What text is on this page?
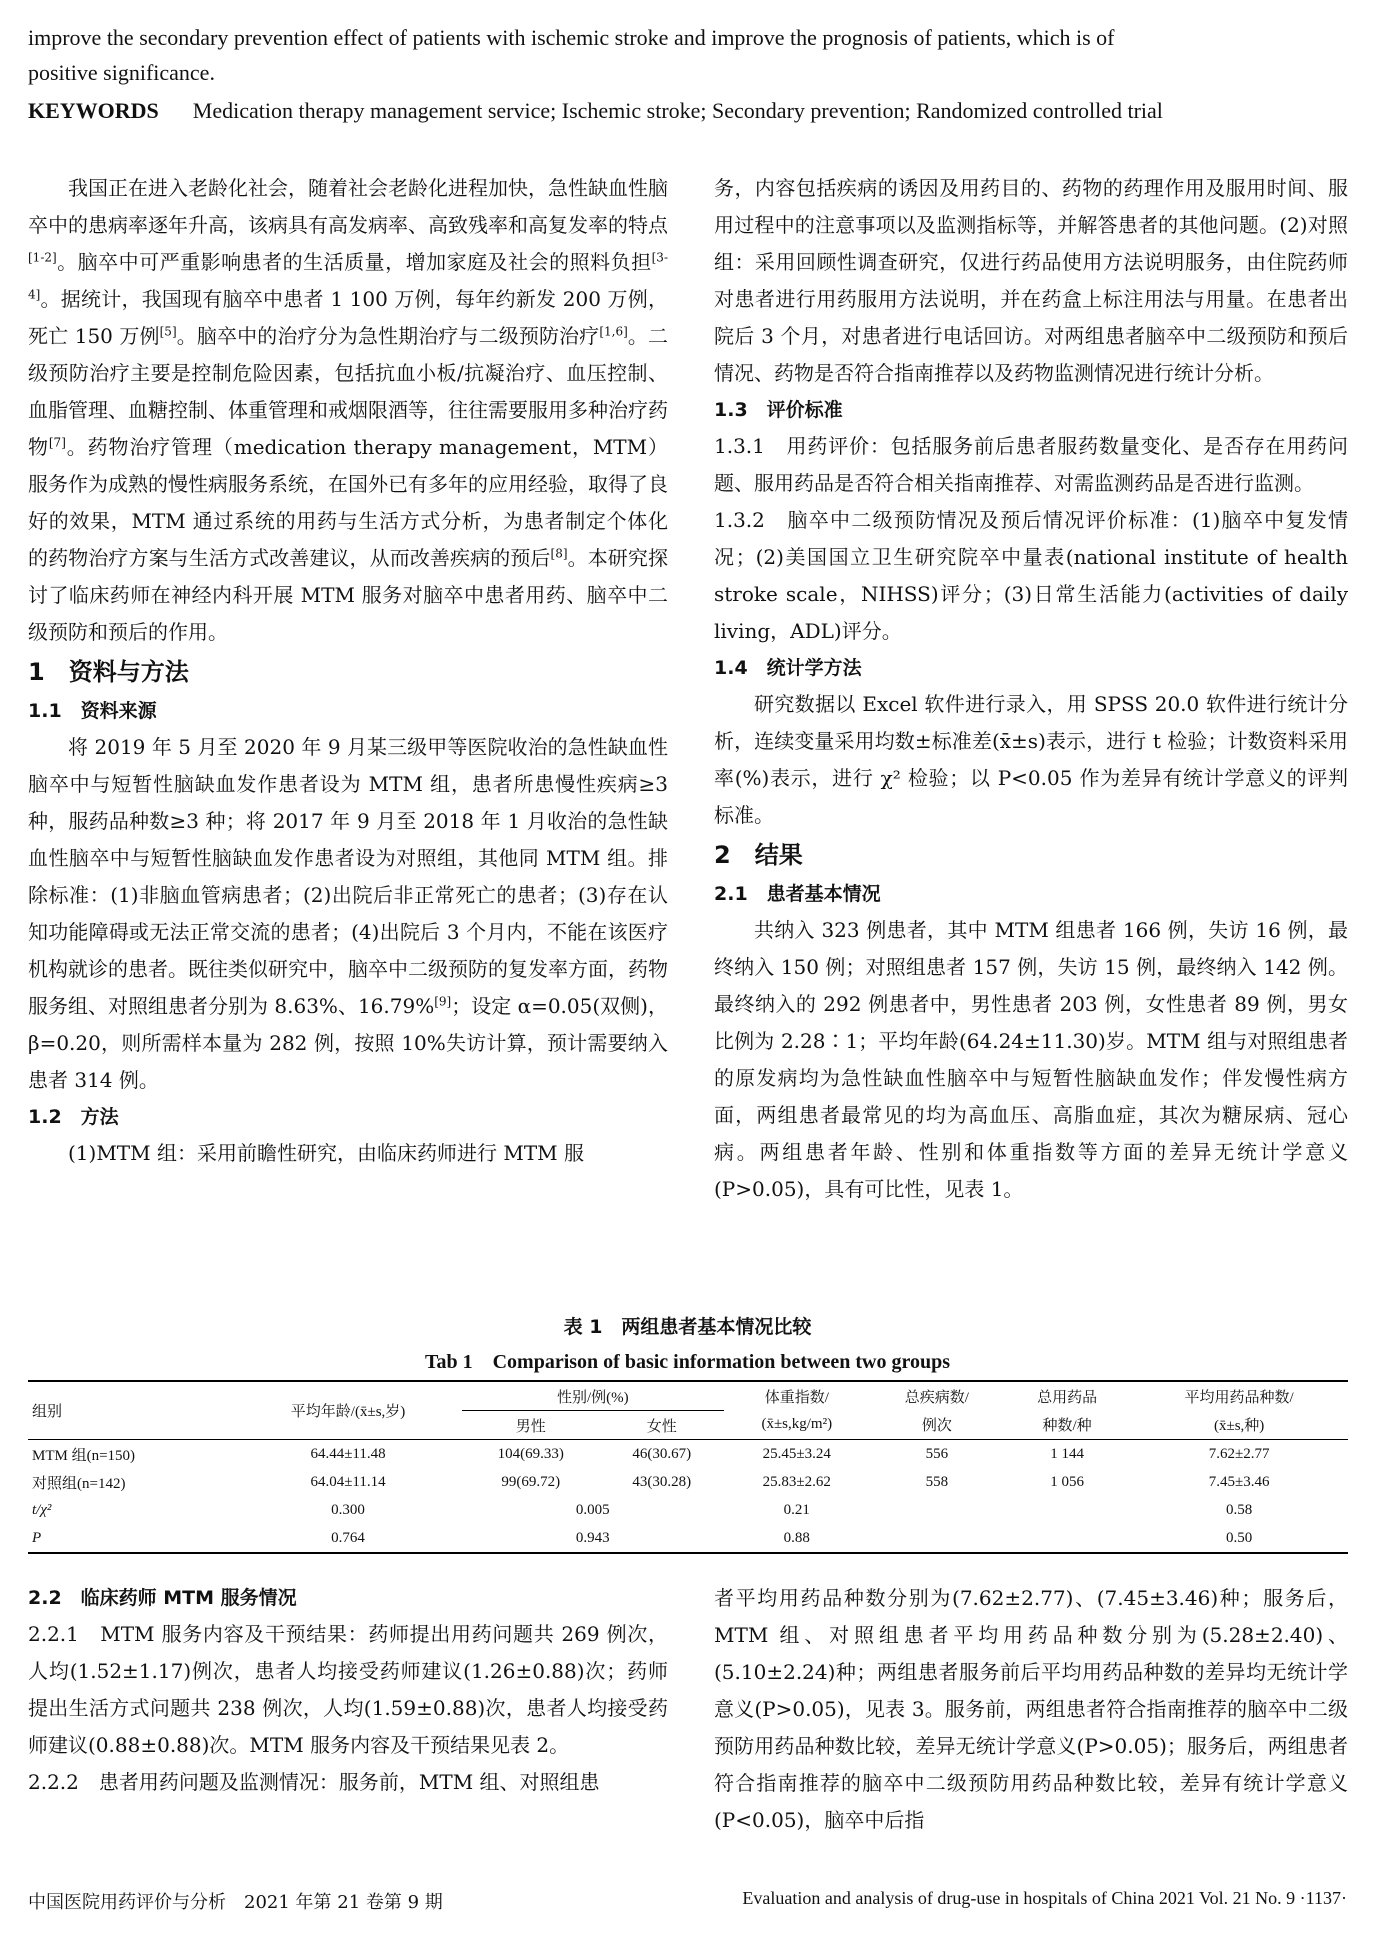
improve the secondary prevention effect of patients with ischemic stroke and improve the prognosis of patients, which is of
positive significance.
KEYWORDS Medication therapy management service; Ischemic stroke; Secondary prevention; Randomized controlled trial

我国正在进入老龄化社会，随着社会老龄化进程加快，急性缺血性脑卒中的患病率逐年升高，该病具有高发病率、高致残率和高复发率的特点[1-2]。脑卒中可严重影响患者的生活质量，增加家庭及社会的照料负担[3-4]。据统计，我国现有脑卒中患者 1 100 万例，每年约新发 200 万例，死亡 150 万例[5]。脑卒中的治疗分为急性期治疗与二级预防治疗[1,6]。二级预防治疗主要是控制危险因素，包括抗血小板/抗凝治疗、血压控制、血脂管理、血糖控制、体重管理和戒烟限酒等，往往需要服用多种治疗药物[7]。药物治疗管理（medication therapy management，MTM）服务作为成熟的慢性病服务系统，在国外已有多年的应用经验，取得了良好的效果，MTM 通过系统的用药与生活方式分析，为患者制定个体化的药物治疗方案与生活方式改善建议，从而改善疾病的预后[8]。本研究探讨了临床药师在神经内科开展 MTM 服务对脑卒中患者用药、脑卒中二级预防和预后的作用。

1　资料与方法

1.1　资料来源

将 2019 年 5 月至 2020 年 9 月某三级甲等医院收治的急性缺血性脑卒中与短暂性脑缺血发作患者设为 MTM 组，患者所患慢性疾病≥3 种，服药品种数≥3 种；将 2017 年 9 月至 2018 年 1 月收治的急性缺血性脑卒中与短暂性脑缺血发作患者设为对照组，其他同 MTM 组。排除标准：(1)非脑血管病患者；(2)出院后非正常死亡的患者；(3)存在认知功能障碍或无法正常交流的患者；(4)出院后 3 个月内，不能在该医疗机构就诊的患者。既往类似研究中，脑卒中二级预防的复发率方面，药物服务组、对照组患者分别为 8.63%、16.79%[9]；设定 α=0.05(双侧)，β=0.20，则所需样本量为 282 例，按照 10%失访计算，预计需要纳入患者 314 例。

1.2　方法

(1)MTM 组：采用前瞻性研究，由临床药师进行 MTM 服

务，内容包括疾病的诱因及用药目的、药物的药理作用及服用时间、服用过程中的注意事项以及监测指标等，并解答患者的其他问题。(2)对照组：采用回顾性调查研究，仅进行药品使用方法说明服务，由住院药师对患者进行用药服用方法说明，并在药盒上标注用法与用量。在患者出院后 3 个月，对患者进行电话回访。对两组患者脑卒中二级预防和预后情况、药物是否符合指南推荐以及药物监测情况进行统计分析。

1.3　评价标准

1.3.1　用药评价：包括服务前后患者服药数量变化、是否存在用药问题、服用药品是否符合相关指南推荐、对需监测药品是否进行监测。

1.3.2　脑卒中二级预防情况及预后情况评价标准：(1)脑卒中复发情况；(2)美国国立卫生研究院卒中量表(national institute of health stroke scale，NIHSS)评分；(3)日常生活能力(activities of daily living，ADL)评分。

1.4　统计学方法

研究数据以 Excel 软件进行录入，用 SPSS 20.0 软件进行统计分析，连续变量采用均数±标准差(x̄±s)表示，进行 t 检验；计数资料采用率(%)表示，进行 χ² 检验；以 P<0.05 作为差异有统计学意义的评判标准。

2　结果

2.1　患者基本情况

共纳入 323 例患者，其中 MTM 组患者 166 例，失访 16 例，最终纳入 150 例；对照组患者 157 例，失访 15 例，最终纳入 142 例。最终纳入的 292 例患者中，男性患者 203 例，女性患者 89 例，男女比例为 2.28∶1；平均年龄(64.24±11.30)岁。MTM 组与对照组患者的原发病均为急性缺血性脑卒中与短暂性脑缺血发作；伴发慢性病方面，两组患者最常见的均为高血压、高脂血症，其次为糖尿病、冠心病。两组患者年龄、性别和体重指数等方面的差异无统计学意义(P>0.05)，具有可比性，见表 1。

表 1　两组患者基本情况比较
Tab 1　Comparison of basic information between two groups
组别	平均年龄/(x̄±s,岁)	性别/例(%)		体重指数/	总疾病数/	总用药品	平均用药品种数/
		男性	女性	(x̄±s,kg/m²)	例次	种数/种	(x̄±s,种)
MTM 组(n=150)	64.44±11.48	104(69.33)	46(30.67)	25.45±3.24	556	1 144	7.62±2.77
对照组(n=142)	64.04±11.14	99(69.72)	43(30.28)	25.83±2.62	558	1 056	7.45±3.46
t/χ²	0.300	0.005		0.21			0.58
P	0.764	0.943		0.88			0.50

2.2　临床药师 MTM 服务情况

2.2.1　MTM 服务内容及干预结果：药师提出用药问题共 269 例次，人均(1.52±1.17)例次，患者人均接受药师建议(1.26±0.88)次；药师提出生活方式问题共 238 例次，人均(1.59±0.88)次，患者人均接受药师建议(0.88±0.88)次。MTM 服务内容及干预结果见表 2。

2.2.2　患者用药问题及监测情况：服务前，MTM 组、对照组患

者平均用药品种数分别为(7.62±2.77)、(7.45±3.46)种；服务后，MTM 组、对照组患者平均用药品种数分别为(5.28±2.40)、(5.10±2.24)种；两组患者服务前后平均用药品种数的差异均无统计学意义(P>0.05)，见表 3。服务前，两组患者符合指南推荐的脑卒中二级预防用药品种数比较，差异无统计学意义(P>0.05)；服务后，两组患者符合指南推荐的脑卒中二级预防用药品种数比较，差异有统计学意义(P<0.05)，脑卒中后指

中国医院用药评价与分析　2021 年第 21 卷第 9 期	Evaluation and analysis of drug-use in hospitals of China 2021 Vol. 21 No. 9 ·1137·
